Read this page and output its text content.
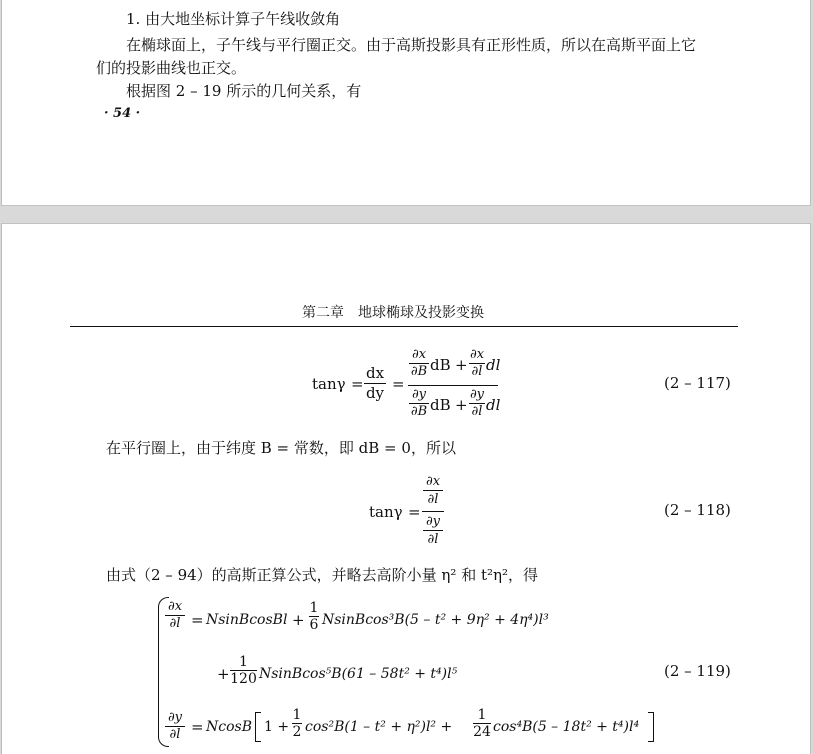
1. 由大地坐标计算子午线收敛角
在椭球面上，子午线与平行圈正交。由于高斯投影具有正形性质，所以在高斯平面上它
们的投影曲线也正交。
根据图 2 – 19 所示的几何关系，有
· 54 ·
第二章　地球椭球及投影变换
tanγ =
dx
dy =
∂x
∂B dB +
∂x
∂l dl
∂y
∂B dB +
∂y
∂l dl
(2 – 117)
在平行圈上，由于纬度 B = 常数，即 dB = 0，所以
tanγ =
∂x
∂l
∂y
∂l
(2 – 118)
由式（2 – 94）的高斯正算公式，并略去高阶小量 η² 和 t²η²，得
∂x
∂l = NsinBcosBl +
1
6 NsinBcos³B(5 – t² + 9η² + 4η⁴)l³
+
1
120 NsinBcos⁵B(61 – 58t² + t⁴)l⁵	(2 – 119)
∂y
∂l = NcosB 1 +
1
2 cos²B(1 – t² + η²)l² +
1
24 cos⁴B(5 – 18t² + t⁴)l⁴
